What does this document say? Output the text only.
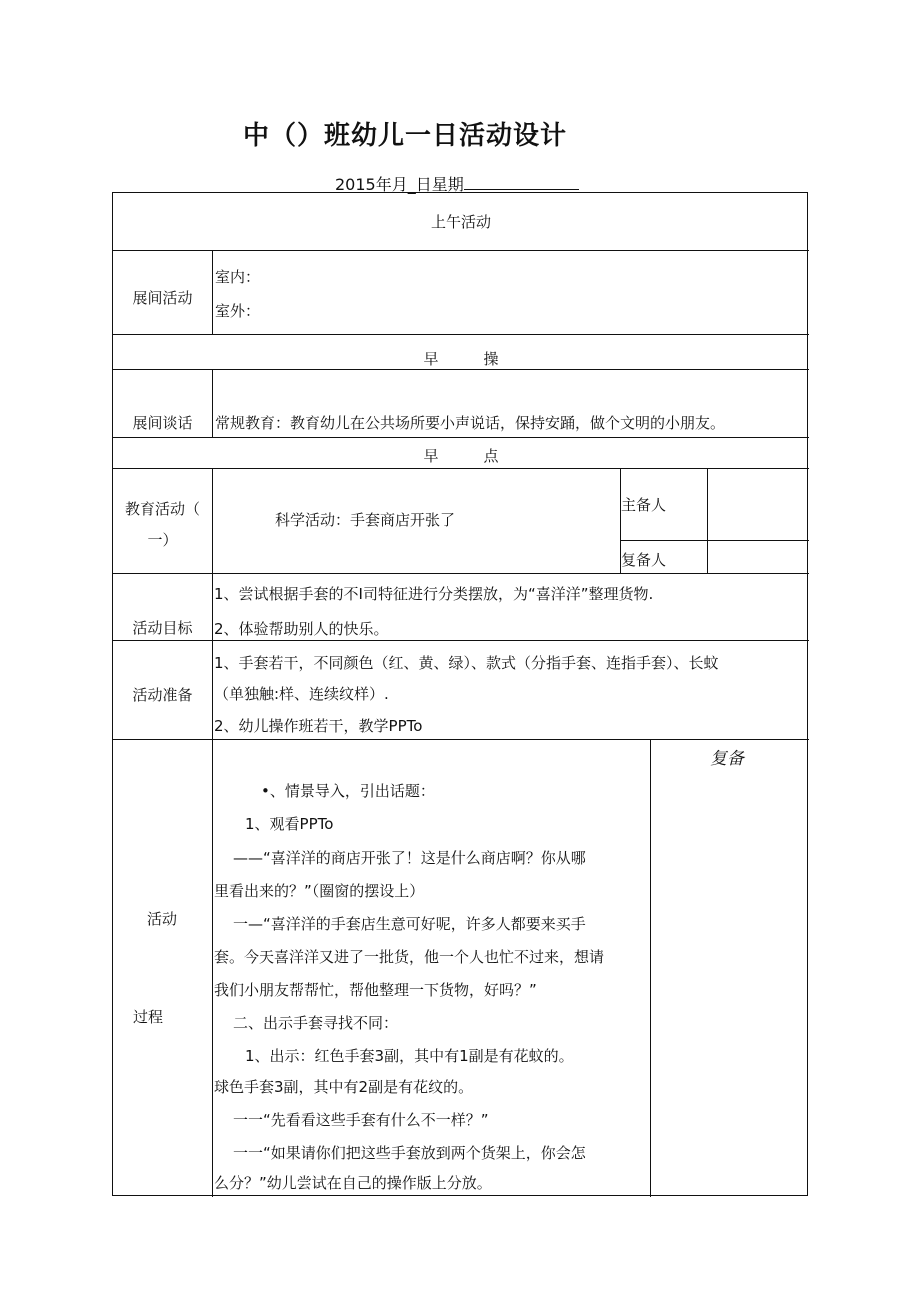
中（）班幼儿一日活动设计
2015年月_日星期
上午活动
展间活动
室内：
室外：
早　　　操
展间谈话	常规教育：教育幼儿在公共场所要小声说话，保持安踊，做个文明的小朋友。
早　　　点
教育活动（
一）
科学活动：手套商店开张了
主备人
复备人
活动目标
1、尝试根据手套的不I司特征进行分类摆放，为“喜洋洋”整理货物.
2、体验帮助别人的快乐。
活动准备
1、手套若干，不同颜色（红、黄、绿）、款式（分指手套、连指手套）、长蚊
（单独触:样、连续纹样）.
2、幼儿操作班若干，教学PPTo
活动
过程
复备
•、情景导入，引出话题：
1、观看PPTo
——“喜洋洋的商店开张了！这是什么商店啊？你从哪
里看出来的？”（圈窗的摆设上）
一—“喜洋洋的手套店生意可好呢，许多人都要来买手
套。今天喜洋洋又进了一批货，他一个人也忙不过来，想请
我们小朋友帮帮忙，帮他整理一下货物，好吗？”
二、出示手套寻找不同：
1、出示：红色手套3副，其中有1副是有花蚊的。
球色手套3副，其中有2副是有花纹的。
一一“先看看这些手套有什么不一样？”
一一“如果请你们把这些手套放到两个货架上，你会怎
么分？”幼儿尝试在自己的操作版上分放。
